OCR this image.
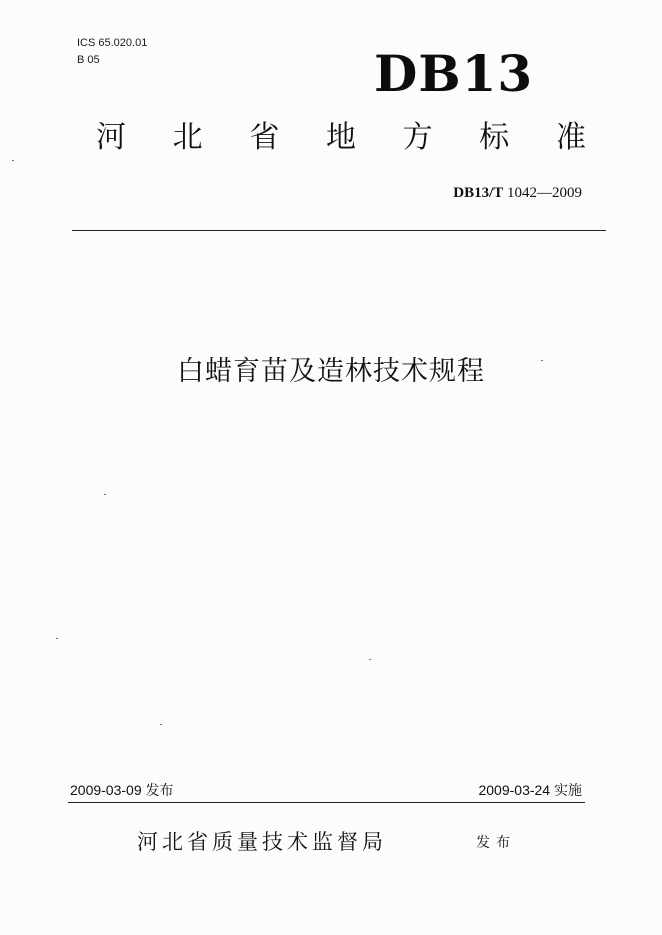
ICS 65.020.01
B 05	DB13
河 北 省 地 方 标 准
DB13/T 1042—2009
白蜡育苗及造林技术规程
2009-03-09 发布	2009-03-24 实施
河北省质量技术监督局	发布
